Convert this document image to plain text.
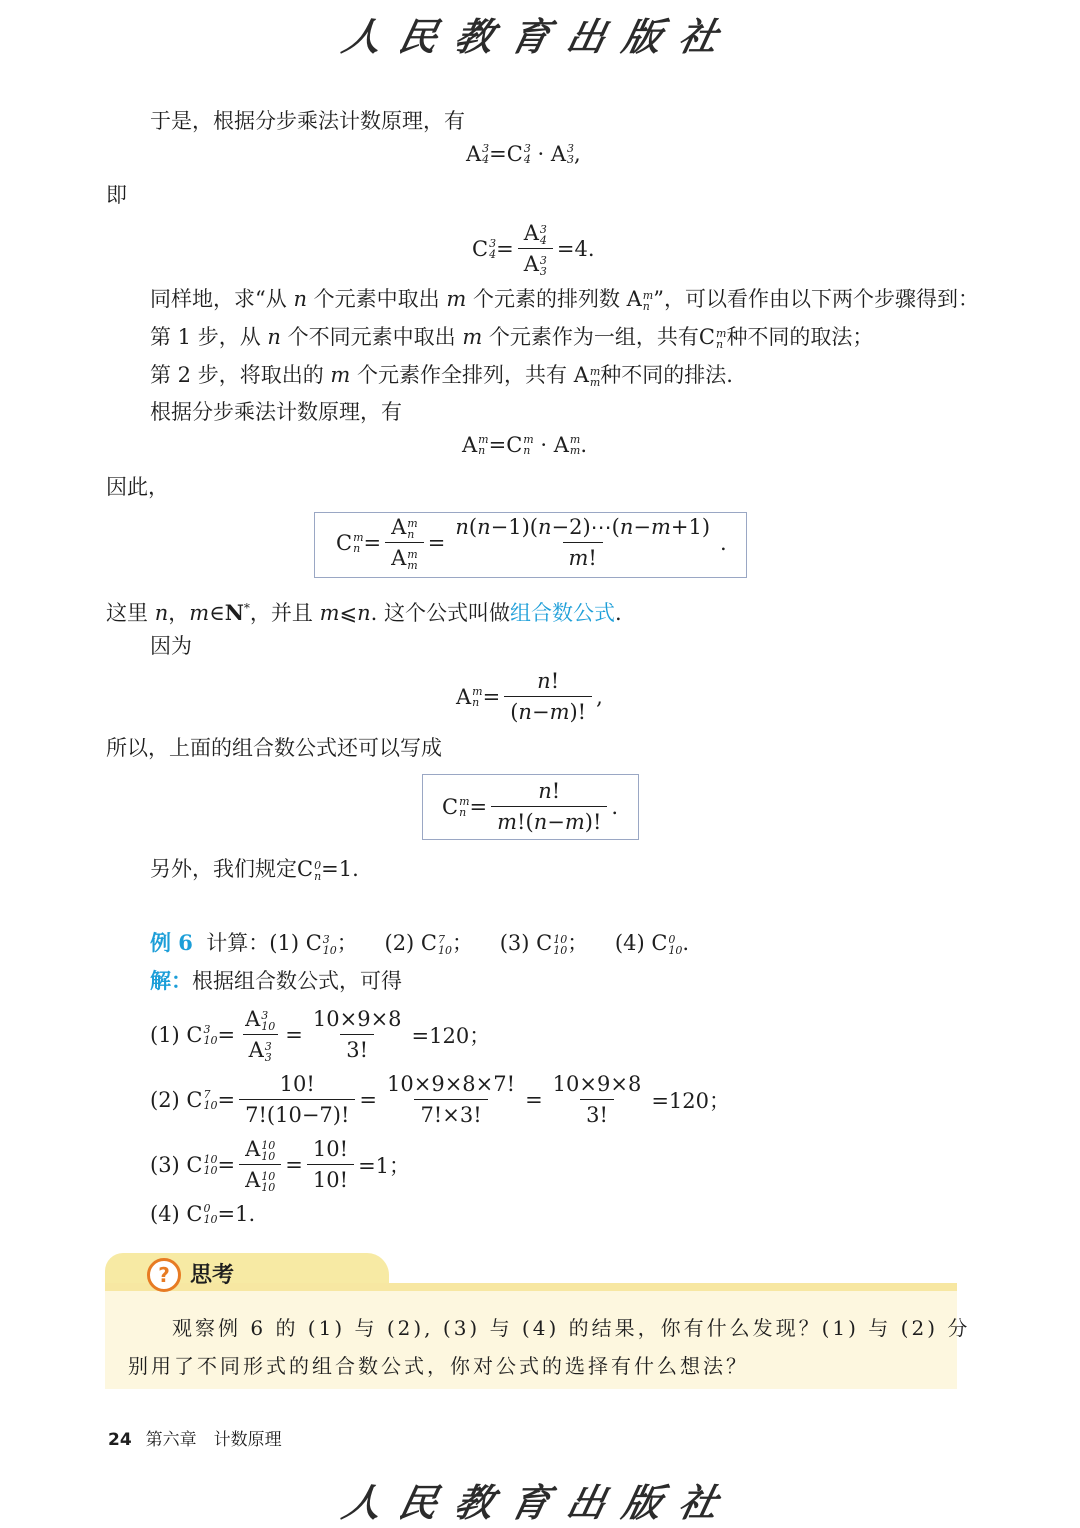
人民教育出版社
于是，根据分步乘法计数原理，有
A 3
4 =C 3
4 · A 3
3 ,
即
C 3
4 = A 3
4
A 3
3 =4.
同样地，求“从 n 个元素中取出 m 个元素的排列数 A m
n ”，可以看作由以下两个步骤得到：
第 1 步，从 n 个不同元素中取出 m 个元素作为一组，共有C m
n 种不同的取法；
第 2 步，将取出的 m 个元素作全排列，共有 A m
m 种不同的排法.
根据分步乘法计数原理，有
A m
n =C m
n · A m
m .
因此，
C m
n = A m
n
A m
$m = \frac{n(n-1)(n-2)\cdots(n-m+1)}{m!}$ .
这里 n，m∈N*，并且 m⩽n. 这个公式叫做组合数公式.
因为
A m
$n = \frac{n!}{(n-m)!}$ ,
所以，上面的组合数公式还可以写成
C m
$n = \frac{n!}{m!(n-m)!}$ .
另外，我们规定C 0
n =1.
例 6 计算：(1) C 3
10 ；    (2) C 7
10 ；    (3) C 10
10 ；    (4) C 0
10 .
解：根据组合数公式，可得
(1) C 3
10 = A 3
10
A 3
$3 = \frac{10\times 9\times 8}{3!} =120$；
(2) C 7
$10 = \frac{10!}{7!(10-7)!} = \frac{10\times 9\times 8\times 7!}{7!\times 3!} = \frac{10\times 9\times 8}{3!} =120$；
(3) C 10
10 = A 10
10
A 10
$10 = \frac{10!}{10!} =1$；
(4) C 0
10 =1.
? 思考
观察例 6 的 (1) 与 (2), (3) 与 (4) 的结果，你有什么发现？(1) 与 (2) 分
别用了不同形式的组合数公式，你对公式的选择有什么想法？
24 第六章　计数原理
人民教育出版社
